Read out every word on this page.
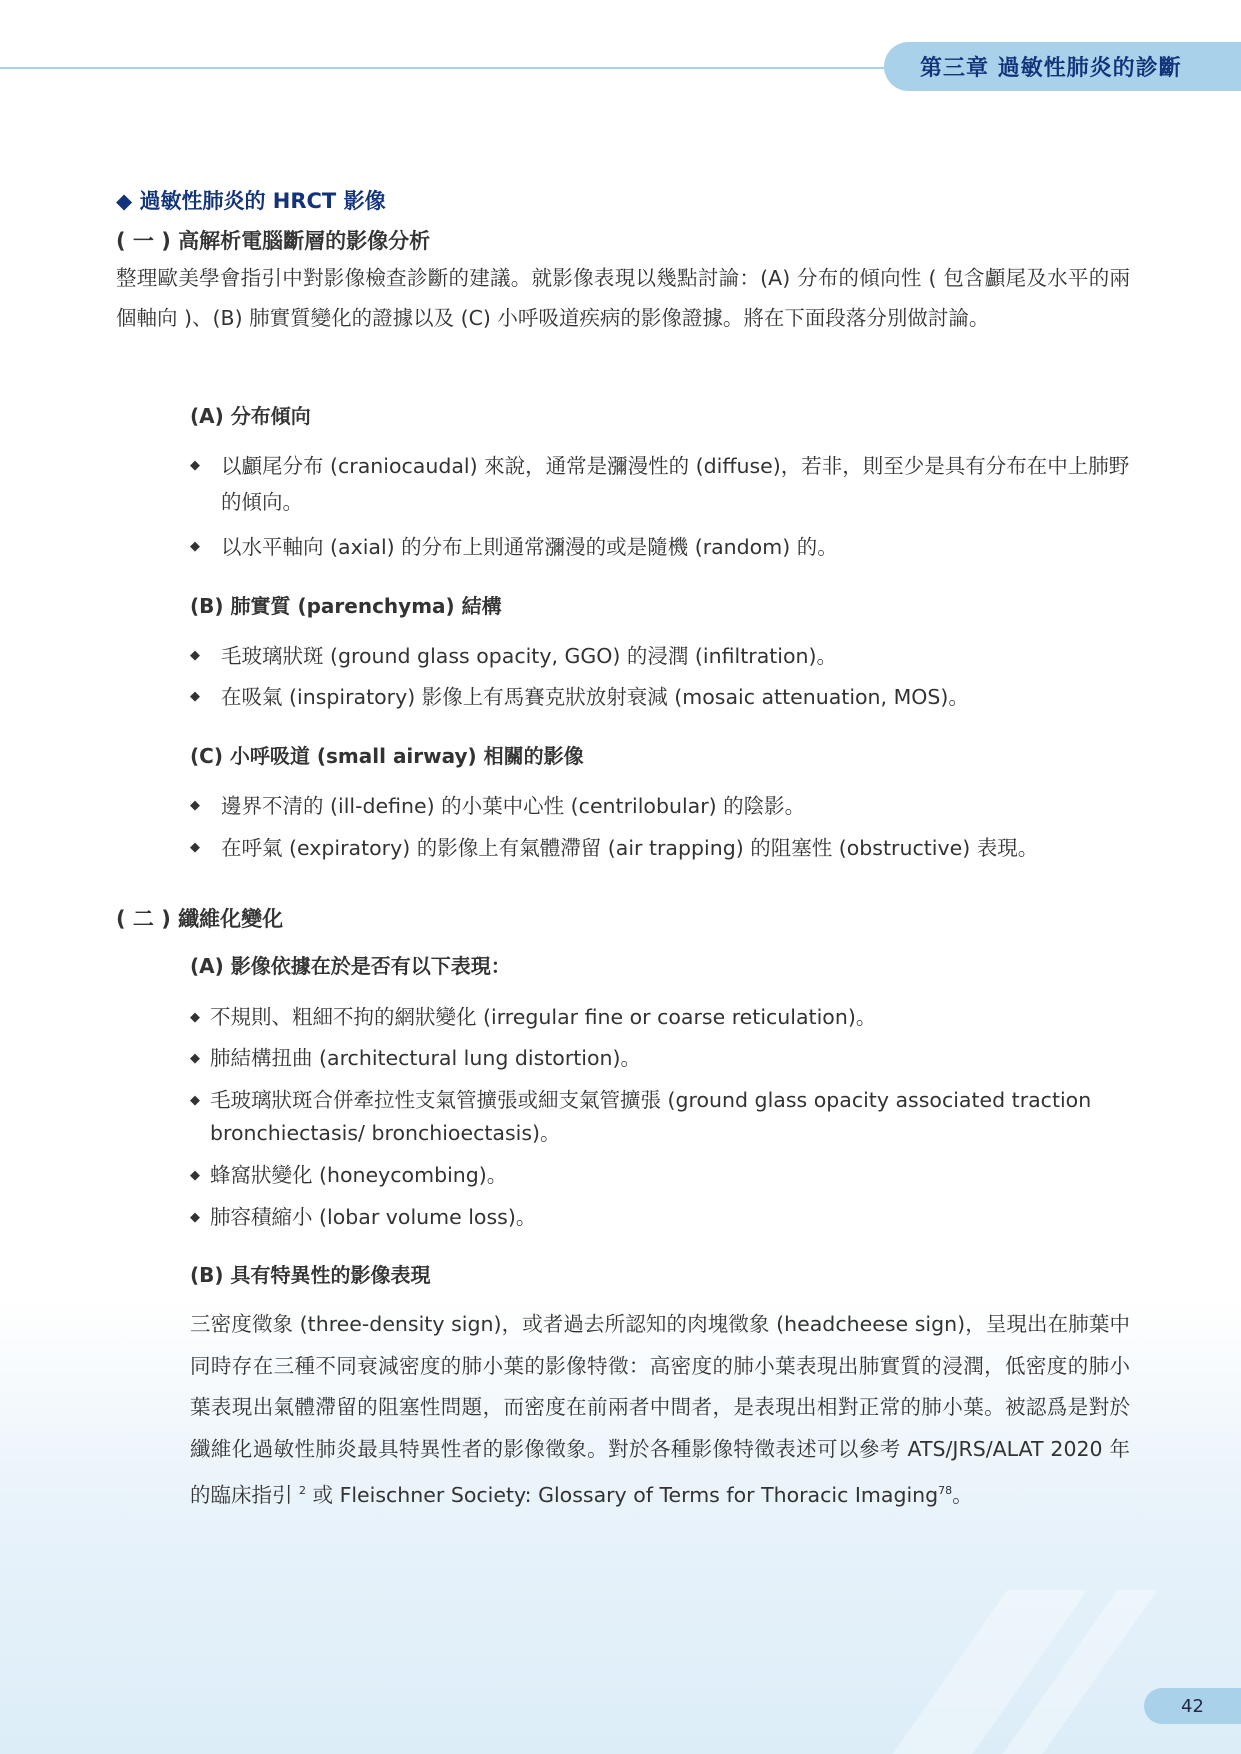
第三章 過敏性肺炎的診斷
◆ 過敏性肺炎的 HRCT 影像
( 一 ) 高解析電腦斷層的影像分析
整理歐美學會指引中對影像檢查診斷的建議。就影像表現以幾點討論：(A) 分布的傾向性 ( 包含顱尾及水平的兩個軸向 )、(B) 肺實質變化的證據以及 (C) 小呼吸道疾病的影像證據。將在下面段落分別做討論。
(A) 分布傾向
◆	以顱尾分布 (craniocaudal) 來說，通常是瀰漫性的 (diffuse)，若非，則至少是具有分布在中上肺野的傾向。
◆	以水平軸向 (axial) 的分布上則通常瀰漫的或是隨機 (random) 的。
(B) 肺實質 (parenchyma) 結構
◆	毛玻璃狀斑 (ground glass opacity, GGO) 的浸潤 (infiltration)。
◆	在吸氣 (inspiratory) 影像上有馬賽克狀放射衰減 (mosaic attenuation, MOS)。
(C) 小呼吸道 (small airway) 相關的影像
◆	邊界不清的 (ill-define) 的小葉中心性 (centrilobular) 的陰影。
◆	在呼氣 (expiratory) 的影像上有氣體滯留 (air trapping) 的阻塞性 (obstructive) 表現。
( 二 ) 纖維化變化
(A) 影像依據在於是否有以下表現：
◆ 不規則、粗細不拘的網狀變化 (irregular fine or coarse reticulation)。
◆ 肺結構扭曲 (architectural lung distortion)。
◆ 毛玻璃狀斑合併牽拉性支氣管擴張或細支氣管擴張 (ground glass opacity associated traction bronchiectasis/ bronchioectasis)。
◆ 蜂窩狀變化 (honeycombing)。
◆ 肺容積縮小 (lobar volume loss)。
(B) 具有特異性的影像表現
三密度徵象 (three-density sign)，或者過去所認知的肉塊徵象 (headcheese sign)，呈現出在肺葉中同時存在三種不同衰減密度的肺小葉的影像特徵：高密度的肺小葉表現出肺實質的浸潤，低密度的肺小葉表現出氣體滯留的阻塞性問題，而密度在前兩者中間者，是表現出相對正常的肺小葉。被認爲是對於纖維化過敏性肺炎最具特異性者的影像徵象。對於各種影像特徵表述可以參考 ATS/JRS/ALAT 2020 年的臨床指引 $^2$ 或 Fleischner Society: Glossary of Terms for Thoracic Imaging$^{78}$。
42
